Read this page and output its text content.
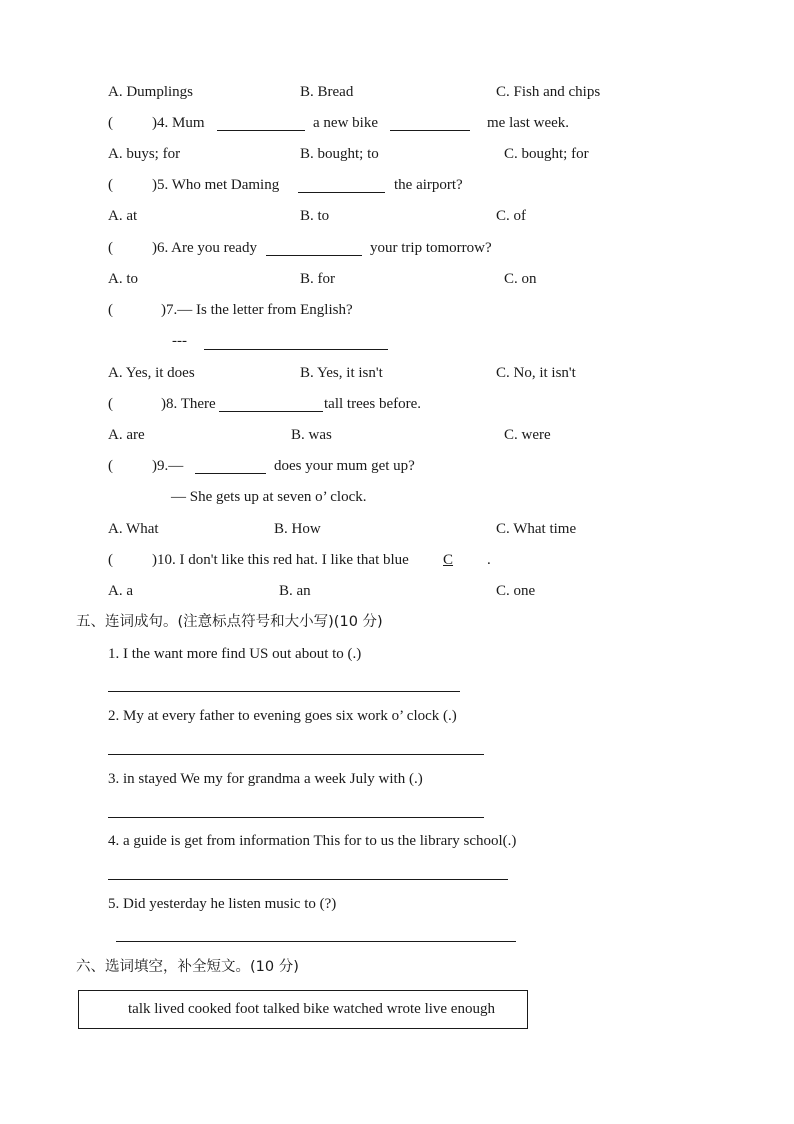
A. Dumplings	B. Bread	C. Fish and chips
(	)4. Mum	a new bike	me last week.
A. buys; for	B. bought; to	C. bought; for
(	)5. Who met Daming	the airport?
A. at	B. to	C. of
(	)6. Are you ready	your trip tomorrow?
A. to	B. for	C. on
(	)7.— Is the letter from English?
---
A. Yes, it does	B. Yes, it isn't	C. No, it isn't
(	)8. There	tall trees before.
A. are	B. was	C. were
(	)9.—	does your mum get up?
— She gets up at seven o’ clock.
A. What	B. How	C. What time
(	)10. I don't like this red hat. I like that blue C .
A. a	B. an	C. one
五、连词成句。(注意标点符号和大小写)(10 分)
1. I the want more find US out about to (.)
2. My at every father to evening goes six work o’ clock (.)
3. in stayed We my for grandma a week July with (.)
4. a guide is get from information This for to us the library school(.)
5. Did yesterday he listen music to (?)
六、选词填空，补全短文。(10 分)
talk lived cooked foot talked bike watched wrote live enough
